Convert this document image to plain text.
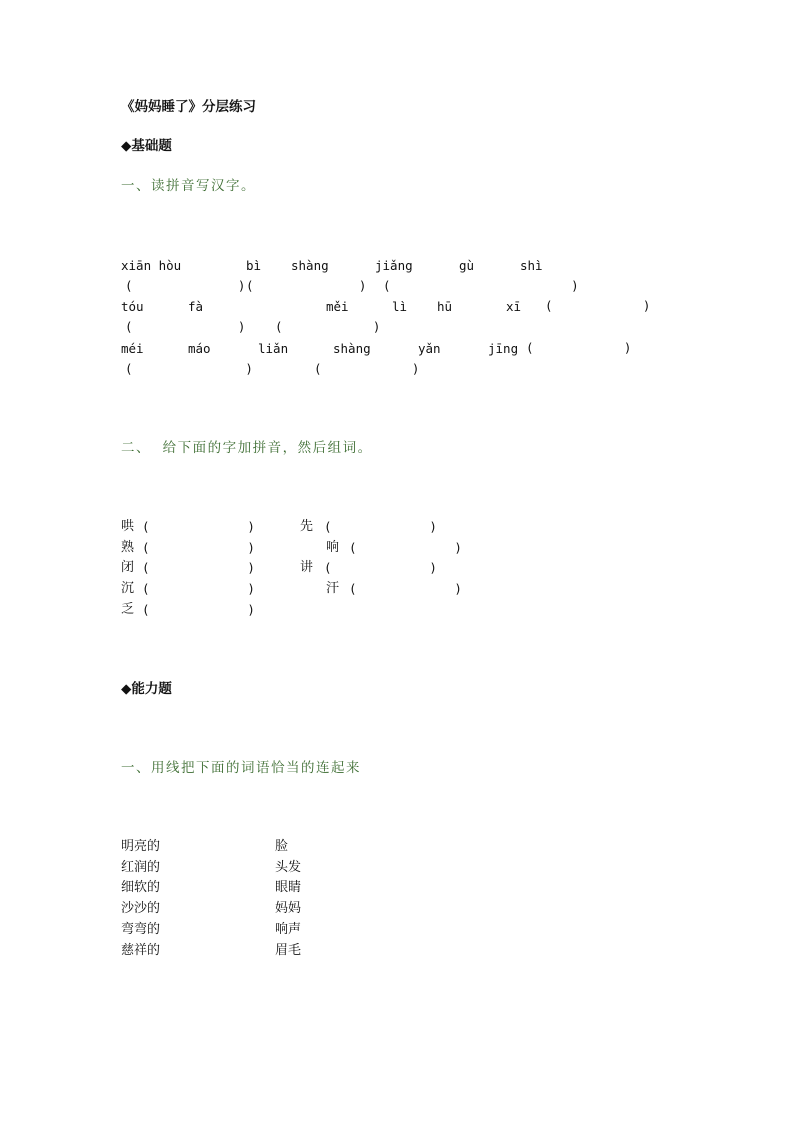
《妈妈睡了》分层练习
◆基础题
一、读拼音写汉字。
xiān hòu	bì shàng	jiǎng	gù	shì
(              ) (              ) (                        )
tóu	fà	měi	lì hū	xī (            )
(              ) (            )
méi	máo	liǎn	shàng	yǎn	jīng (            )
(               )	(            )
二、  给下面的字加拼音，然后组词。
哄 (             )	先 (             )
熟 (             )	响 (             )
闭 (             )	讲 (             )
沉 (             )	汗 (             )
乏 (             )
◆能力题
一、用线把下面的词语恰当的连起来
明亮的	脸
红润的	头发
细软的	眼睛
沙沙的	妈妈
弯弯的	响声
慈祥的	眉毛
